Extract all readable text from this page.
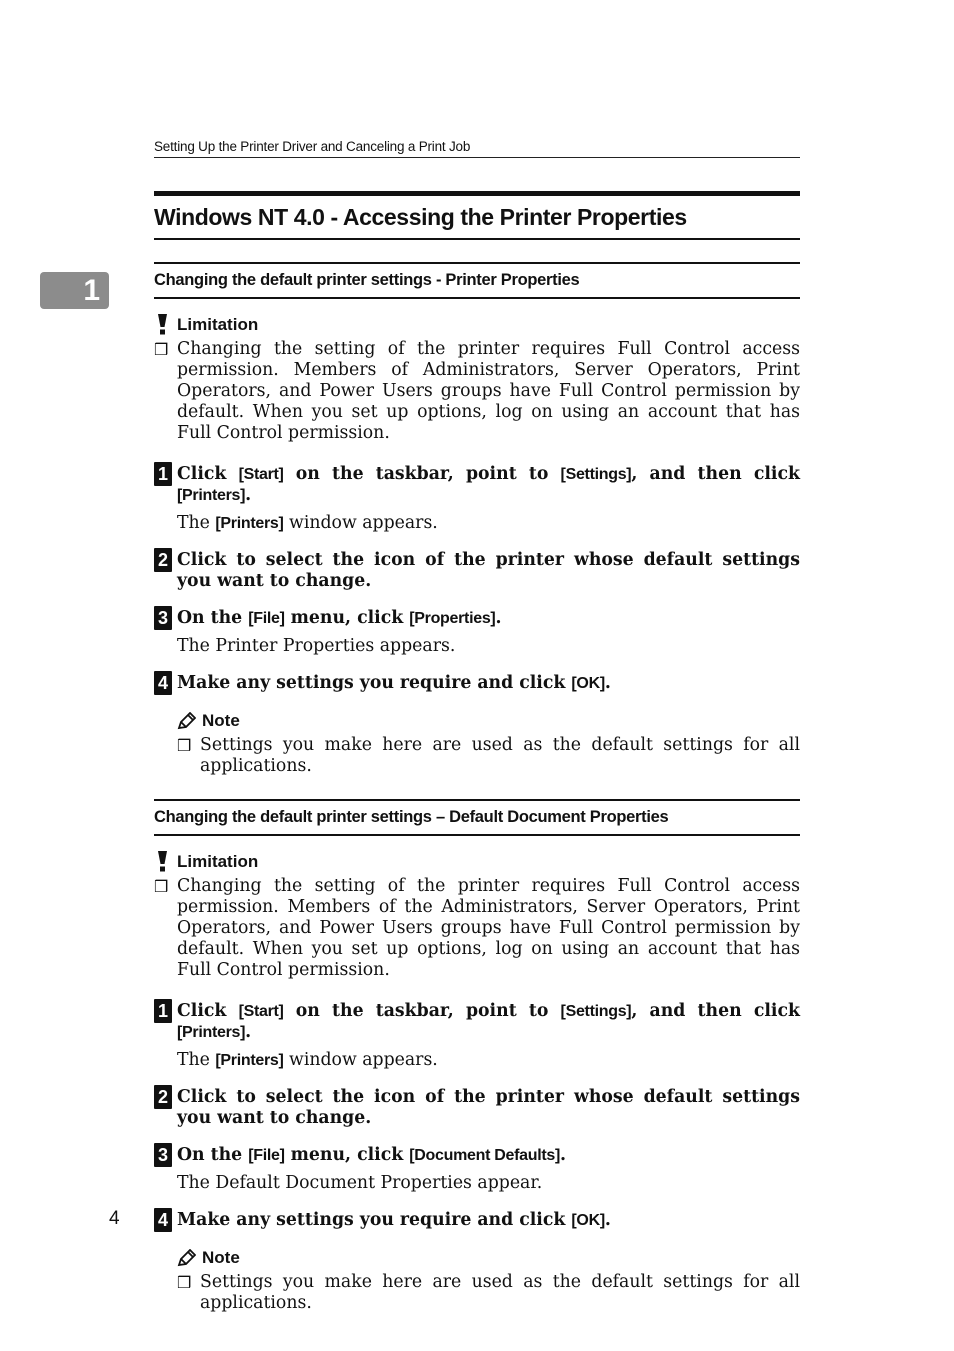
Setting Up the Printer Driver and Canceling a Print Job
1
Windows NT 4.0 - Accessing the Printer Properties
Changing the default printer settings - Printer Properties
Limitation
❒ Changing the setting of the printer requires Full Control access permission. Members of Administrators, Server Operators, Print Operators, and Power Users groups have Full Control permission by default. When you set up options, log on using an account that has Full Control permission.
1 Click [Start] on the taskbar, point to [Settings], and then click [Printers].
The [Printers] window appears.
2 Click to select the icon of the printer whose default settings you want to change.
3 On the [File] menu, click [Properties].
The Printer Properties appears.
4 Make any settings you require and click [OK].
Note
❒ Settings you make here are used as the default settings for all applications.
Changing the default printer settings – Default Document Properties
Limitation
❒ Changing the setting of the printer requires Full Control access permission. Members of the Administrators, Server Operators, Print Operators, and Power Users groups have Full Control permission by default. When you set up options, log on using an account that has Full Control permission.
1 Click [Start] on the taskbar, point to [Settings], and then click [Printers].
The [Printers] window appears.
2 Click to select the icon of the printer whose default settings you want to change.
3 On the [File] menu, click [Document Defaults].
The Default Document Properties appear.
4 Make any settings you require and click [OK].
Note
❒ Settings you make here are used as the default settings for all applications.
4
